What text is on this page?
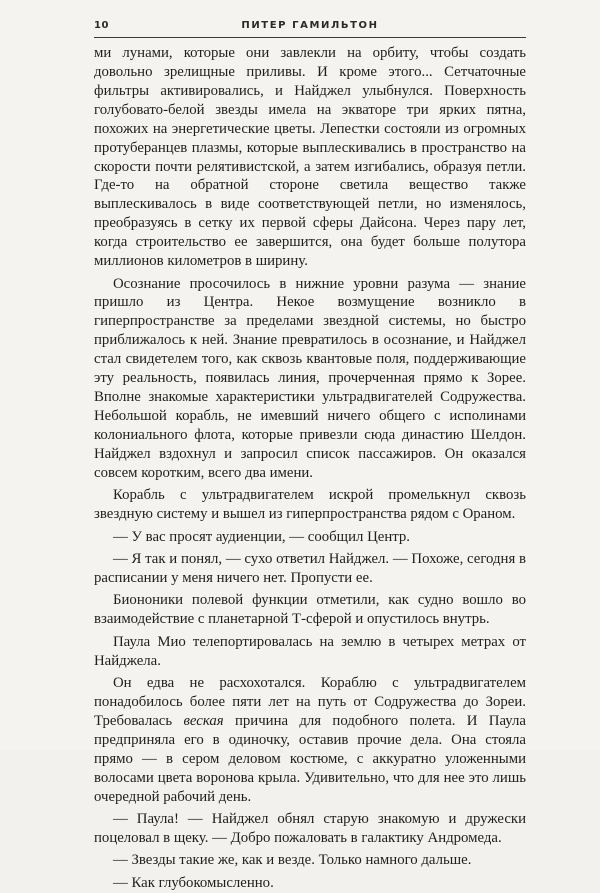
10	ПИТЕР ГАМИЛЬТОН

ми лунами, которые они завлекли на орбиту, чтобы создать довольно зрелищные приливы. И кроме этого... Сетчаточные фильтры активировались, и Найджел улыбнулся. Поверхность голубовато-белой звезды имела на экваторе три ярких пятна, похожих на энергетические цветы. Лепестки состояли из огромных протуберанцев плазмы, которые выплескивались в пространство на скорости почти релятивистской, а затем изгибались, образуя петли. Где-то на обратной стороне светила вещество также выплескивалось в виде соответствующей петли, но изменялось, преобразуясь в сетку их первой сферы Дайсона. Через пару лет, когда строительство ее завершится, она будет больше полутора миллионов километров в ширину.

Осознание просочилось в нижние уровни разума — знание пришло из Центра. Некое возмущение возникло в гиперпространстве за пределами звездной системы, но быстро приближалось к ней. Знание превратилось в осознание, и Найджел стал свидетелем того, как сквозь квантовые поля, поддерживающие эту реальность, появилась линия, прочерченная прямо к Зорее. Вполне знакомые характеристики ультрадвигателей Содружества. Небольшой корабль, не имевший ничего общего с исполинами колониального флота, которые привезли сюда династию Шелдон. Найджел вздохнул и запросил список пассажиров. Он оказался совсем коротким, всего два имени.

Корабль с ультрадвигателем искрой промелькнул сквозь звездную систему и вышел из гиперпространства рядом с Ораном.

— У вас просят аудиенции, — сообщил Центр.

— Я так и понял, — сухо ответил Найджел. — Похоже, сегодня в расписании у меня ничего нет. Пропусти ее.

Биононики полевой функции отметили, как судно вошло во взаимодействие с планетарной Т-сферой и опустилось внутрь.

Паула Мио телепортировалась на землю в четырех метрах от Найджела.

Он едва не расхохотался. Кораблю с ультрадвигателем понадобилось более пяти лет на путь от Содружества до Зореи. Требовалась веская причина для подобного полета. И Паула предприняла его в одиночку, оставив прочие дела. Она стояла прямо — в сером деловом костюме, с аккуратно уложенными волосами цвета воронова крыла. Удивительно, что для нее это лишь очередной рабочий день.

— Паула! — Найджел обнял старую знакомую и дружески поцеловал в щеку. — Добро пожаловать в галактику Андромеда.

— Звезды такие же, как и везде. Только намного дальше.

— Как глубокомысленно.
